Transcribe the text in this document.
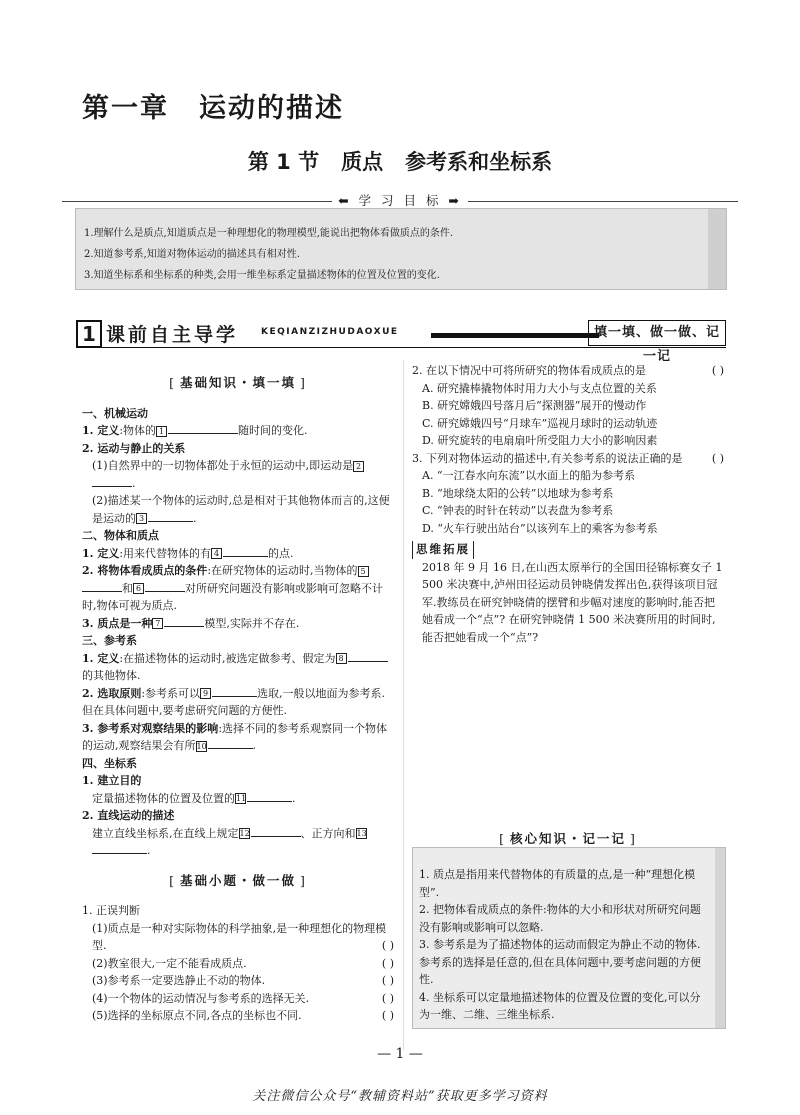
第一章 运动的描述
第 1 节 质点 参考系和坐标系
⬅ 学 习 目 标 ➡

1.理解什么是质点,知道质点是一种理想化的物理模型,能说出把物体看做质点的条件.

2.知道参考系,知道对物体运动的描述具有相对性.

3.知道坐标系和坐标系的种类,会用一维坐标系定量描述物体的位置及位置的变化.

1 课前自主导学	KEQIANZIZHUDAOXUE	填一填、做一做、记一记
[ 基础知识・填一填 ]

一、机械运动

1. 定义:物体的 1	随时间的变化.

2. 运动与静止的关系

(1)自然界中的一切物体都处于永恒的运动中,即运动是 2.

(2)描述某一个物体的运动时,总是相对于其他物体而言的,这便是运动的 3	.

二、物体和质点

1. 定义:用来代替物体的有 4	的点.

2. 将物体看成质点的条件:在研究物体的运动时,当物体的 5和 6	对所研究问题没有影响或影响可忽略不计时,物体可视为质点.

3. 质点是一种 7	模型,实际并不存在.

三、参考系

1. 定义:在描述物体的运动时,被选定做参考、假定为 8的其他物体.

2. 选取原则:参考系可以 9	选取,一般以地面为参考系.但在具体问题中,要考虑研究问题的方便性.

3. 参考系对观察结果的影响:选择不同的参考系观察同一个物体的运动,观察结果会有所10	.

四、坐标系

1. 建立目的

定量描述物体的位置及位置的11	.

2. 直线运动的描述

建立直线坐标系,在直线上规定12	、正方向和13.

[ 基础小题・做一做 ]

1. 正误判断

(1)质点是一种对实际物体的科学抽象,是一种理想化的物理模型.	( )

(2)教室很大,一定不能看成质点.	( )

(3)参考系一定要选静止不动的物体.	( )

(4)一个物体的运动情况与参考系的选择无关.	( )

(5)选择的坐标原点不同,各点的坐标也不同.	( )

2. 在以下情况中可将所研究的物体看成质点的是	( )

A. 研究撬棒撬物体时用力大小与支点位置的关系

B. 研究嫦娥四号落月后“探测器”展开的慢动作

C. 研究嫦娥四号“月球车”巡视月球时的运动轨迹

D. 研究旋转的电扇扇叶所受阻力大小的影响因素

3. 下列对物体运动的描述中,有关参考系的说法正确的是	( )

A. “一江春水向东流”以水面上的船为参考系

B. “地球绕太阳的公转”以地球为参考系

C. “钟表的时针在转动”以表盘为参考系

D. “火车行驶出站台”以该列车上的乘客为参考系

思维拓展

2018 年 9 月 16 日,在山西太原举行的全国田径锦标赛女子 1 500 米决赛中,泸州田径运动员钟晓倩发挥出色,获得该项目冠军.教练员在研究钟晓倩的摆臂和步幅对速度的影响时,能否把她看成一个“点”? 在研究钟晓倩 1 500 米决赛所用的时间时,能否把她看成一个“点”?

[ 核心知识・记一记 ]

1. 质点是指用来代替物体的有质量的点,是一种“理想化模型”.

2. 把物体看成质点的条件:物体的大小和形状对所研究问题没有影响或影响可以忽略.

3. 参考系是为了描述物体的运动而假定为静止不动的物体.参考系的选择是任意的,但在具体问题中,要考虑问题的方便性.

4. 坐标系可以定量地描述物体的位置及位置的变化,可以分为一维、二维、三维坐标系.

— 1 —
关注微信公众号“教辅资料站”获取更多学习资料
